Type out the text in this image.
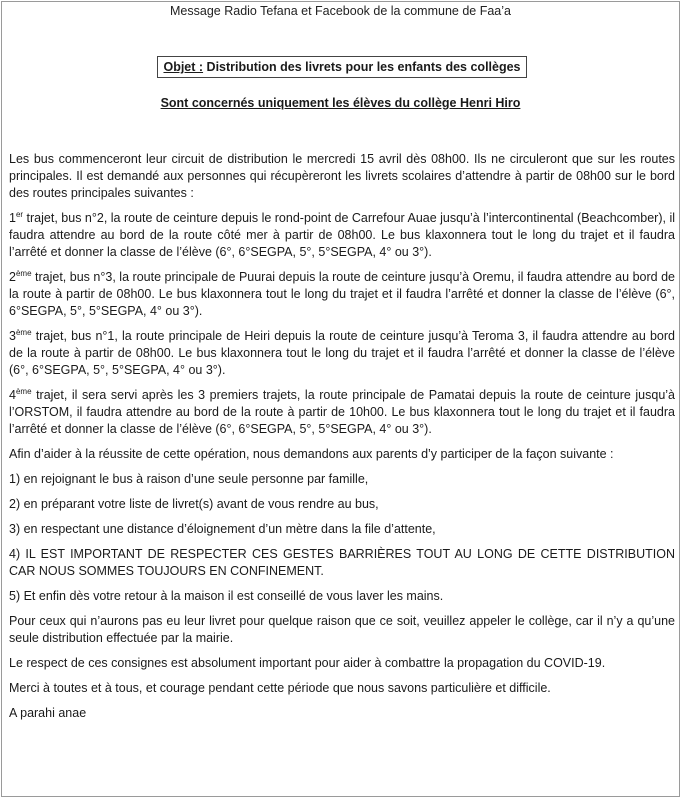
Message Radio Tefana et Facebook de la commune de Faa’a
Objet : Distribution des livrets pour les enfants des collèges
Sont concernés uniquement les élèves du collège Henri Hiro

Les bus commenceront leur circuit de distribution le mercredi 15 avril dès 08h00. Ils ne circuleront que sur les routes principales. Il est demandé aux personnes qui récupèreront les livrets scolaires d’attendre à partir de 08h00 sur le bord des routes principales suivantes :

1er trajet, bus n°2, la route de ceinture depuis le rond-point de Carrefour Auae jusqu’à l’intercontinental (Beachcomber), il faudra attendre au bord de la route côté mer à partir de 08h00. Le bus klaxonnera tout le long du trajet et il faudra l’arrêté et donner la classe de l’élève (6°, 6°SEGPA, 5°, 5°SEGPA, 4° ou 3°).

2ème trajet, bus n°3, la route principale de Puurai depuis la route de ceinture jusqu’à Oremu, il faudra attendre au bord de la route à partir de 08h00. Le bus klaxonnera tout le long du trajet et il faudra l’arrêté et donner la classe de l’élève (6°, 6°SEGPA, 5°, 5°SEGPA, 4° ou 3°).

3ème trajet, bus n°1, la route principale de Heiri depuis la route de ceinture jusqu’à Teroma 3, il faudra attendre au bord de la route à partir de 08h00. Le bus klaxonnera tout le long du trajet et il faudra l’arrêté et donner la classe de l’élève (6°, 6°SEGPA, 5°, 5°SEGPA, 4° ou 3°).

4ème trajet, il sera servi après les 3 premiers trajets, la route principale de Pamatai depuis la route de ceinture jusqu’à l’ORSTOM, il faudra attendre au bord de la route à partir de 10h00. Le bus klaxonnera tout le long du trajet et il faudra l’arrêté et donner la classe de l’élève (6°, 6°SEGPA, 5°, 5°SEGPA, 4° ou 3°).

Afin d’aider à la réussite de cette opération, nous demandons aux parents d’y participer de la façon suivante :

1) en rejoignant le bus à raison d’une seule personne par famille,

2) en préparant votre liste de livret(s) avant de vous rendre au bus,

3) en respectant une distance d’éloignement d’un mètre dans la file d’attente,

4) IL EST IMPORTANT DE RESPECTER CES GESTES BARRIÈRES TOUT AU LONG DE CETTE DISTRIBUTION CAR NOUS SOMMES TOUJOURS EN CONFINEMENT.

5) Et enfin dès votre retour à la maison il est conseillé de vous laver les mains.

Pour ceux qui n’aurons pas eu leur livret pour quelque raison que ce soit, veuillez appeler le collège, car il n’y a qu’une seule distribution effectuée par la mairie.

Le respect de ces consignes est absolument important pour aider à combattre la propagation du COVID-19.

Merci à toutes et à tous, et courage pendant cette période que nous savons particulière et difficile.

A parahi anae
